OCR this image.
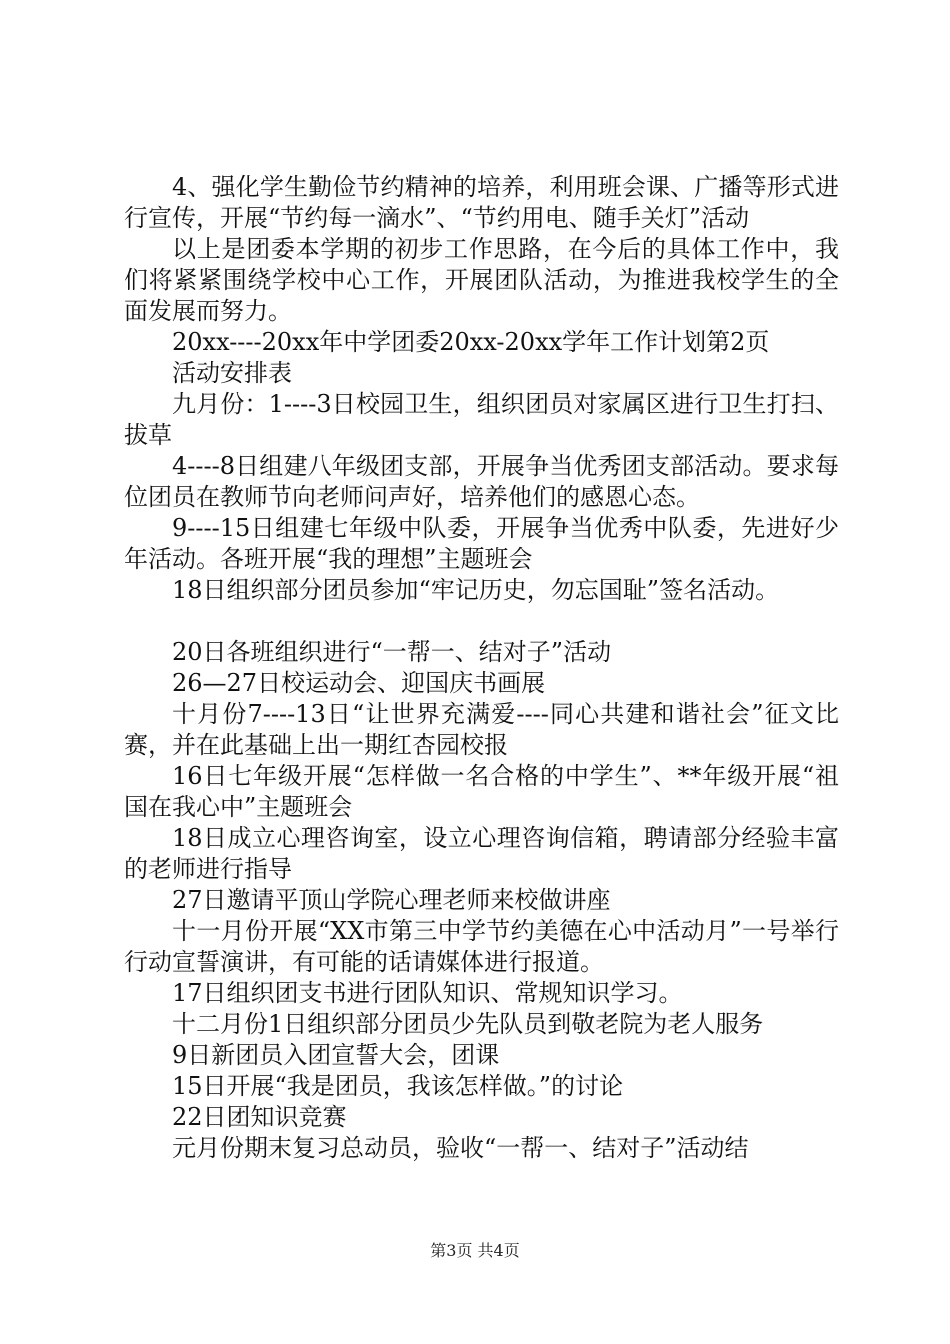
4、强化学生勤俭节约精神的培养，利用班会课、广播等形式进行宣传，开展“节约每一滴水”、“节约用电、随手关灯”活动

以上是团委本学期的初步工作思路，在今后的具体工作中，我们将紧紧围绕学校中心工作，开展团队活动，为推进我校学生的全面发展而努力。

20xx----20xx年中学团委20xx-20xx学年工作计划第2页

活动安排表

九月份：1----3日校园卫生，组织团员对家属区进行卫生打扫、拔草

4----8日组建八年级团支部，开展争当优秀团支部活动。要求每位团员在教师节向老师问声好，培养他们的感恩心态。

9----15日组建七年级中队委，开展争当优秀中队委，先进好少年活动。各班开展“我的理想”主题班会

18日组织部分团员参加“牢记历史，勿忘国耻”签名活动。

20日各班组织进行“一帮一、结对子”活动

26—27日校运动会、迎国庆书画展

十月份7----13日“让世界充满爱----同心共建和谐社会”征文比赛，并在此基础上出一期红杏园校报

16日七年级开展“怎样做一名合格的中学生”、**年级开展“祖国在我心中”主题班会

18日成立心理咨询室，设立心理咨询信箱，聘请部分经验丰富的老师进行指导

27日邀请平顶山学院心理老师来校做讲座

十一月份开展“XX市第三中学节约美德在心中活动月”一号举行行动宣誓演讲，有可能的话请媒体进行报道。

17日组织团支书进行团队知识、常规知识学习。

十二月份1日组织部分团员少先队员到敬老院为老人服务

9日新团员入团宣誓大会，团课

15日开展“我是团员，我该怎样做。”的讨论

22日团知识竞赛

元月份期末复习总动员，验收“一帮一、结对子”活动结

第3页 共4页
